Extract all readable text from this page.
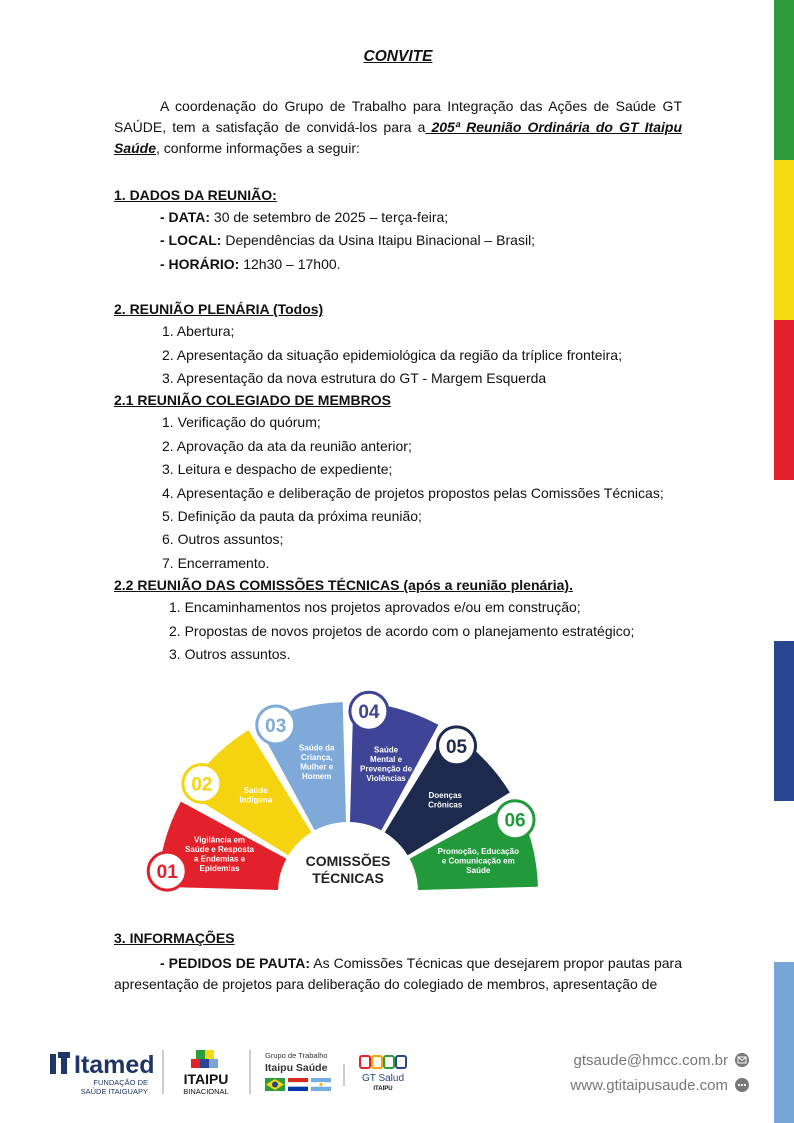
CONVITE

A coordenação do Grupo de Trabalho para Integração das Ações de Saúde GT SAÚDE, tem a satisfação de convidá-los para a 205ª Reunião Ordinária do GT Itaipu Saúde, conforme informações a seguir:

1. DADOS DA REUNIÃO:

- DATA: 30 de setembro de 2025 – terça-feira;

- LOCAL: Dependências da Usina Itaipu Binacional – Brasil;

- HORÁRIO: 12h30 – 17h00.

2. REUNIÃO PLENÁRIA (Todos)

1. Abertura;

2. Apresentação da situação epidemiológica da região da tríplice fronteira;

3. Apresentação da nova estrutura do GT - Margem Esquerda

2.1 REUNIÃO COLEGIADO DE MEMBROS

1. Verificação do quórum;

2. Aprovação da ata da reunião anterior;

3. Leitura e despacho de expediente;

4. Apresentação e deliberação de projetos propostos pelas Comissões Técnicas;

5. Definição da pauta da próxima reunião;

6. Outros assuntos;

7. Encerramento.

2.2 REUNIÃO DAS COMISSÕES TÉCNICAS (após a reunião plenária).

1. Encaminhamentos nos projetos aprovados e/ou em construção;

2. Propostas de novos projetos de acordo com o planejamento estratégico;

3. Outros assuntos.

01
Vigilância em
Saúde e Resposta
a Endemias e
Epidemias
02	Saúde
Indígena
03
Saúde da
Criança,
Mulher e
Homem
04
Saúde
Mental e
Prevenção de
Violências
05
Doenças
Crônicas
06
Promoção, Educação
e Comunicação em
Saúde
COMISSÕES
TÉCNICAS

3. INFORMAÇÕES

- PEDIDOS DE PAUTA: As Comissões Técnicas que desejarem propor pautas para apresentação de projetos para deliberação do colegiado de membros, apresentação de

Itamed
FUNDAÇÃO DE
SAÚDE ITAIGUAPY
ITAIPU
BINACIONAL
Grupo de Trabalho
Itaipu Saúde
GT Salud
ITAIPU
gtsaude@hmcc.com.br
www.gtitaipusaude.com
